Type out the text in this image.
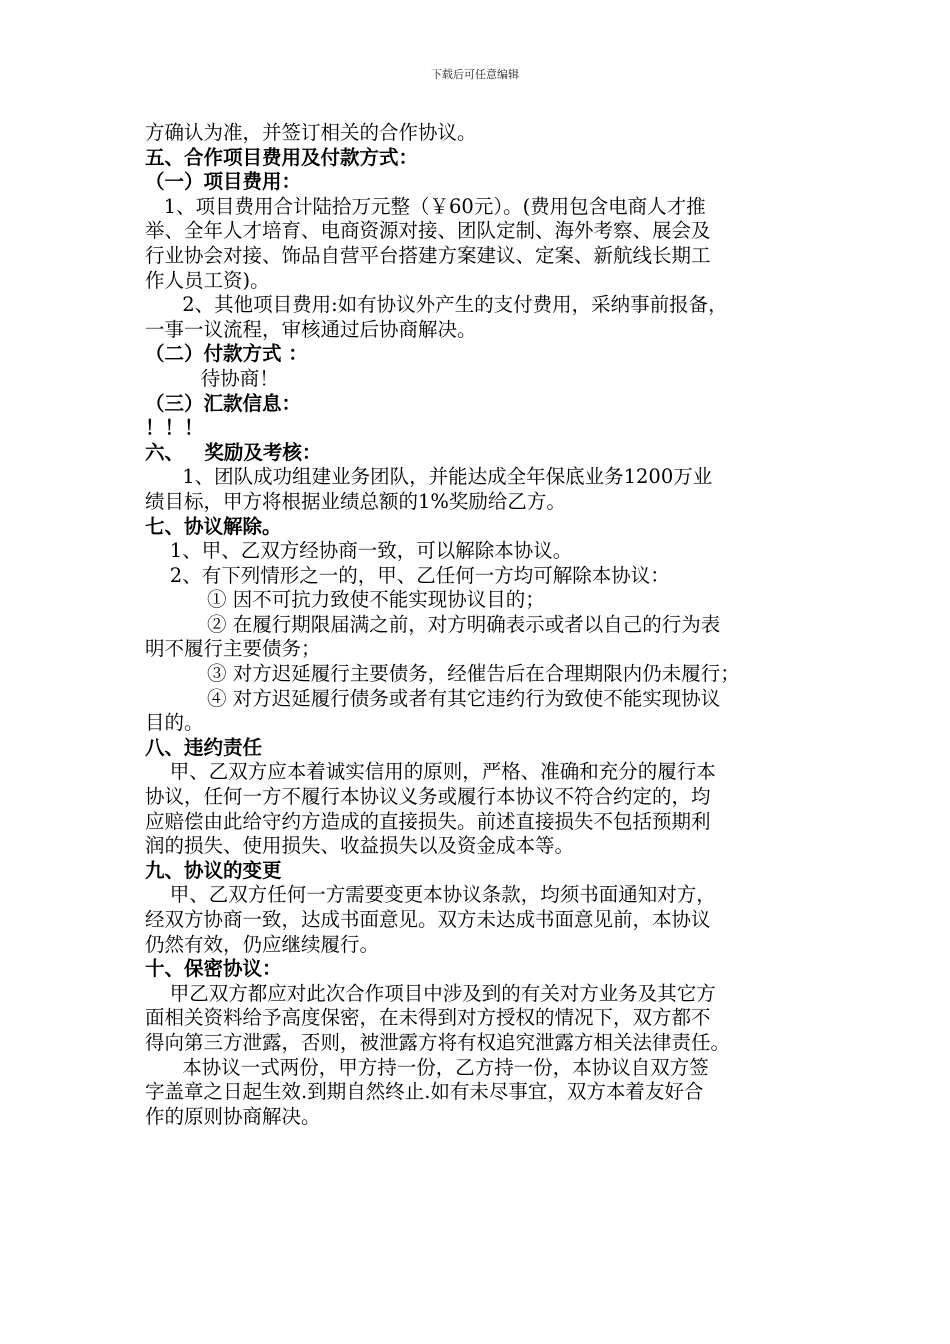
下载后可任意编辑

方确认为准，并签订相关的合作协议。

五、合作项目费用及付款方式：

（一）项目费用：

1、项目费用合计陆拾万元整（￥60元）。(费用包含电商人才推

举、全年人才培育、电商资源对接、团队定制、海外考察、展会及

行业协会对接、饰品自营平台搭建方案建议、定案、新航线长期工

作人员工资)。

2、其他项目费用:如有协议外产生的支付费用，采纳事前报备，

一事一议流程，审核通过后协商解决。

（二）付款方式 ：

待协商！

（三）汇款信息：

！！！

六、   奖励及考核：

1、团队成功组建业务团队，并能达成全年保底业务1200万业

绩目标，甲方将根据业绩总额的1%奖励给乙方。

七、协议解除。

1、甲、乙双方经协商一致，可以解除本协议。

2、有下列情形之一的，甲、乙任何一方均可解除本协议：

① 因不可抗力致使不能实现协议目的；

② 在履行期限届满之前，对方明确表示或者以自己的行为表

明不履行主要债务；

③ 对方迟延履行主要债务，经催告后在合理期限内仍未履行；

④ 对方迟延履行债务或者有其它违约行为致使不能实现协议

目的。

八、违约责任

甲、乙双方应本着诚实信用的原则，严格、准确和充分的履行本

协议，任何一方不履行本协议义务或履行本协议不符合约定的，均

应赔偿由此给守约方造成的直接损失。前述直接损失不包括预期利

润的损失、使用损失、收益损失以及资金成本等。

九、协议的变更

甲、乙双方任何一方需要变更本协议条款，均须书面通知对方，

经双方协商一致，达成书面意见。双方未达成书面意见前，本协议

仍然有效，仍应继续履行。

十、保密协议：

甲乙双方都应对此次合作项目中涉及到的有关对方业务及其它方

面相关资料给予高度保密，在未得到对方授权的情况下，双方都不

得向第三方泄露，否则，被泄露方将有权追究泄露方相关法律责任。

本协议一式两份，甲方持一份，乙方持一份，本协议自双方签

字盖章之日起生效.到期自然终止.如有未尽事宜，双方本着友好合

作的原则协商解决。
